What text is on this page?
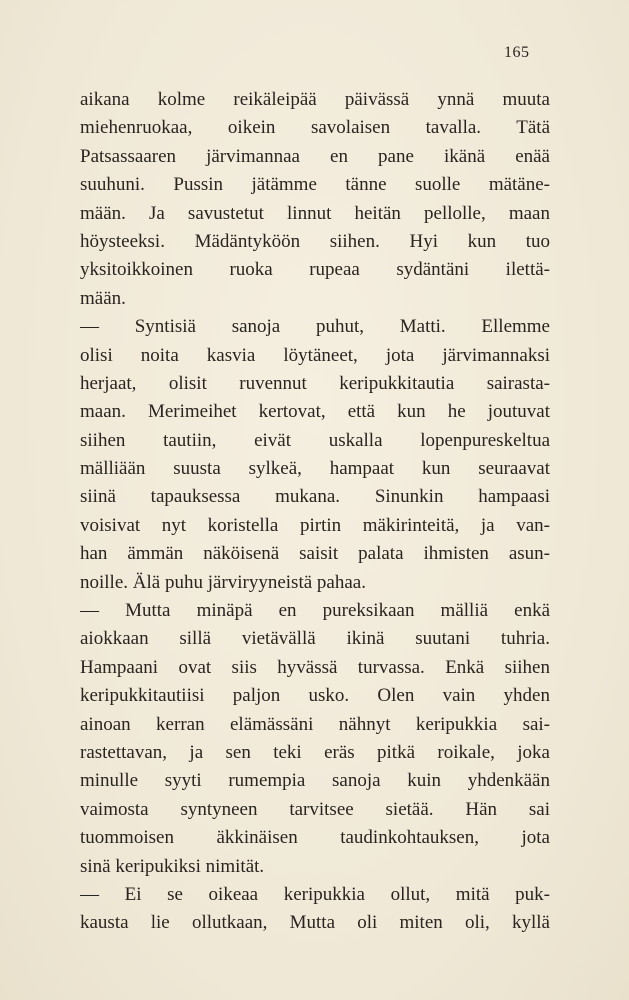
165
aikana kolme reikäleipää päivässä ynnä muuta
miehenruokaa, oikein savolaisen tavalla. Tätä
Patsassaaren järvimannaa en pane ikänä enää
suuhuni. Pussin jätämme tänne suolle mätäne-
mään. Ja savustetut linnut heitän pellolle, maan
höysteeksi. Mädäntyköön siihen. Hyi kun tuo
yksitoikkoinen ruoka rupeaa sydäntäni ilettä-
mään.
— Syntisiä sanoja puhut, Matti. Ellemme
olisi noita kasvia löytäneet, jota järvimannaksi
herjaat, olisit ruvennut keripukkitautia sairasta-
maan. Merimeihet kertovat, että kun he joutuvat
siihen tautiin, eivät uskalla lopenpureskeltua
mälliään suusta sylkeä, hampaat kun seuraavat
siinä tapauksessa mukana. Sinunkin hampaasi
voisivat nyt koristella pirtin mäkirinteitä, ja van-
han ämmän näköisenä saisit palata ihmisten asun-
noille. Älä puhu järviryyneistä pahaa.
— Mutta minäpä en pureksikaan mälliä enkä
aiokkaan sillä vietävällä ikinä suutani tuhria.
Hampaani ovat siis hyvässä turvassa. Enkä siihen
keripukkitautiisi paljon usko. Olen vain yhden
ainoan kerran elämässäni nähnyt keripukkia sai-
rastettavan, ja sen teki eräs pitkä roikale, joka
minulle syyti rumempia sanoja kuin yhdenkään
vaimosta syntyneen tarvitsee sietää. Hän sai
tuommoisen äkkinäisen taudinkohtauksen, jota
sinä keripukiksi nimität.
— Ei se oikeaa keripukkia ollut, mitä puk-
kausta lie ollutkaan, Mutta oli miten oli, kyllä
